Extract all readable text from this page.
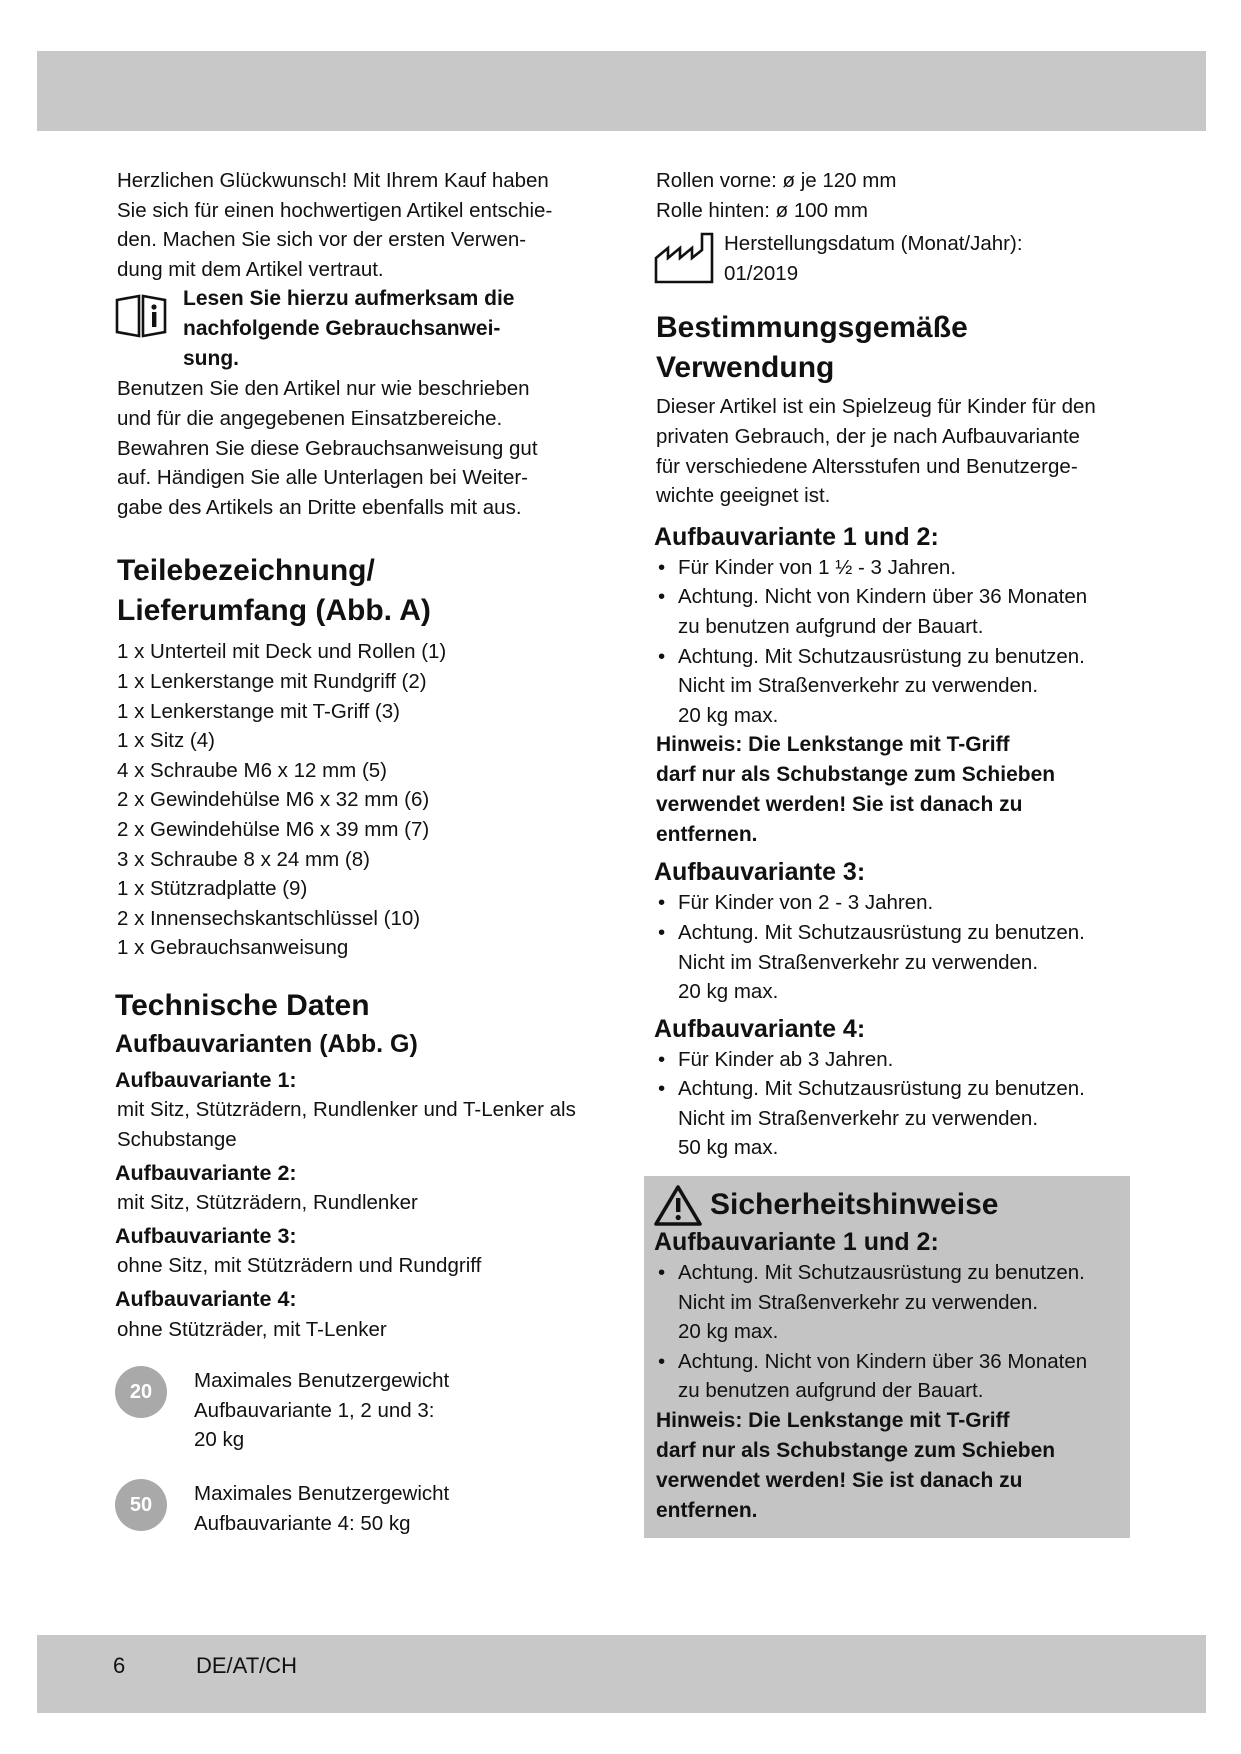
Herzlichen Glückwunsch! Mit Ihrem Kauf haben
Sie sich für einen hochwertigen Artikel entschie-
den. Machen Sie sich vor der ersten Verwen-
dung mit dem Artikel vertraut.

Lesen Sie hierzu aufmerksam die
nachfolgende Gebrauchsanwei-
sung.

Benutzen Sie den Artikel nur wie beschrieben
und für die angegebenen Einsatzbereiche.
Bewahren Sie diese Gebrauchsanweisung gut
auf. Händigen Sie alle Unterlagen bei Weiter-
gabe des Artikels an Dritte ebenfalls mit aus.

Teilebezeichnung/
Lieferumfang (Abb. A)
1 x Unterteil mit Deck und Rollen (1)
1 x Lenkerstange mit Rundgriff (2)
1 x Lenkerstange mit T-Griff (3)
1 x Sitz (4)
4 x Schraube M6 x 12 mm (5)
2 x Gewindehülse M6 x 32 mm (6)
2 x Gewindehülse M6 x 39 mm (7)
3 x Schraube 8 x 24 mm (8)
1 x Stützradplatte (9)
2 x Innensechskantschlüssel (10)
1 x Gebrauchsanweisung
Technische Daten
Aufbauvarianten (Abb. G)
Aufbauvariante 1:
mit Sitz, Stützrädern, Rundlenker und T-Lenker als
Schubstange
Aufbauvariante 2:
mit Sitz, Stützrädern, Rundlenker
Aufbauvariante 3:
ohne Sitz, mit Stützrädern und Rundgriff
Aufbauvariante 4:
ohne Stützräder, mit T-Lenker
20	Maximales Benutzergewicht
Aufbauvariante 1, 2 und 3:
20 kg
50	Maximales Benutzergewicht
Aufbauvariante 4: 50 kg

Rollen vorne: ø je 120 mm
Rolle hinten: ø 100 mm

Herstellungsdatum (Monat/Jahr):
01/2019
Bestimmungsgemäße
Verwendung

Dieser Artikel ist ein Spielzeug für Kinder für den
privaten Gebrauch, der je nach Aufbauvariante
für verschiedene Altersstufen und Benutzerge-
wichte geeignet ist.

Aufbauvariante 1 und 2:
• Für Kinder von 1 ½ - 3 Jahren.
• Achtung. Nicht von Kindern über 36 Monaten
zu benutzen aufgrund der Bauart.
• Achtung. Mit Schutzausrüstung zu benutzen.
Nicht im Straßenverkehr zu verwenden.
20 kg max.
Hinweis: Die Lenkstange mit T-Griff
darf nur als Schubstange zum Schieben
verwendet werden! Sie ist danach zu
entfernen.
Aufbauvariante 3:
• Für Kinder von 2 - 3 Jahren.
• Achtung. Mit Schutzausrüstung zu benutzen.
Nicht im Straßenverkehr zu verwenden.
20 kg max.
Aufbauvariante 4:
• Für Kinder ab 3 Jahren.
• Achtung. Mit Schutzausrüstung zu benutzen.
Nicht im Straßenverkehr zu verwenden.
50 kg max.
Sicherheitshinweise
Aufbauvariante 1 und 2:
• Achtung. Mit Schutzausrüstung zu benutzen.
Nicht im Straßenverkehr zu verwenden.
20 kg max.
• Achtung. Nicht von Kindern über 36 Monaten
zu benutzen aufgrund der Bauart.
Hinweis: Die Lenkstange mit T-Griff
darf nur als Schubstange zum Schieben
verwendet werden! Sie ist danach zu
entfernen.
6	DE/AT/CH
